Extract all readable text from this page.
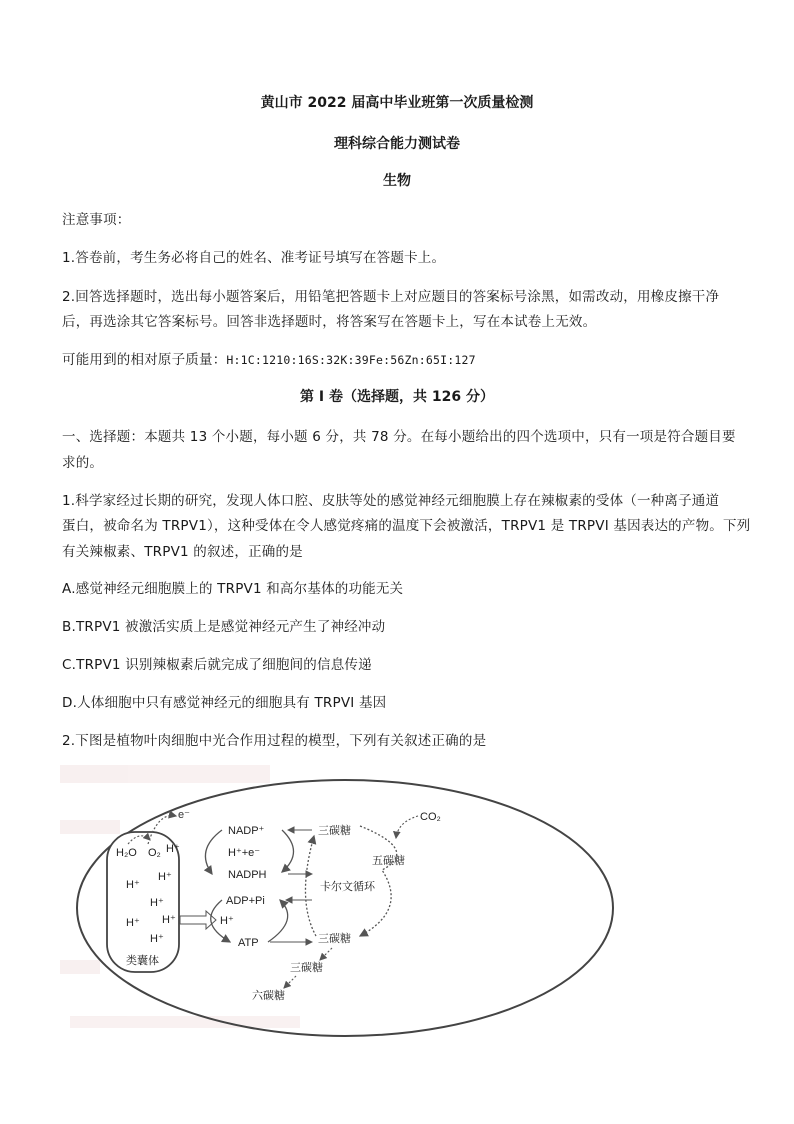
黄山市 2022 届高中毕业班第一次质量检测
理科综合能力测试卷
生物
注意事项：
1.答卷前，考生务必将自己的姓名、准考证号填写在答题卡上。
2.回答选择题时，选出每小题答案后，用铅笔把答题卡上对应题目的答案标号涂黑，如需改动，用橡皮擦干净
后，再选涂其它答案标号。回答非选择题时，将答案写在答题卡上，写在本试卷上无效。
可能用到的相对原子质量：H:1C:1210:16S:32K:39Fe:56Zn:65I:127
第 I 卷（选择题，共 126 分）
一、选择题：本题共 13 个小题，每小题 6 分，共 78 分。在每小题给出的四个选项中，只有一项是符合题目要
求的。
1.科学家经过长期的研究，发现人体口腔、皮肤等处的感觉神经元细胞膜上存在辣椒素的受体（一种离子通道
蛋白，被命名为 TRPV1），这种受体在令人感觉疼痛的温度下会被激活，TRPV1 是 TRPVI 基因表达的产物。下列
有关辣椒素、TRPV1 的叙述，正确的是
A.感觉神经元细胞膜上的 TRPV1 和高尔基体的功能无关
B.TRPV1 被激活实质上是感觉神经元产生了神经冲动
C.TRPV1 识别辣椒素后就完成了细胞间的信息传递
D.人体细胞中只有感觉神经元的细胞具有 TRPVI 基因
2.下图是植物叶肉细胞中光合作用过程的模型，下列有关叙述正确的是
e⁻
H₂O O₂ H⁺
H⁺
H⁺
H⁺
H⁺ H⁺
H⁺
类囊体
H⁺
NADP⁺
H⁺+e⁻
NADPH
ADP+Pi
ATP
三碳糖
五碳糖
CO₂
卡尔文循环
三碳糖
三碳糖
六碳糖
